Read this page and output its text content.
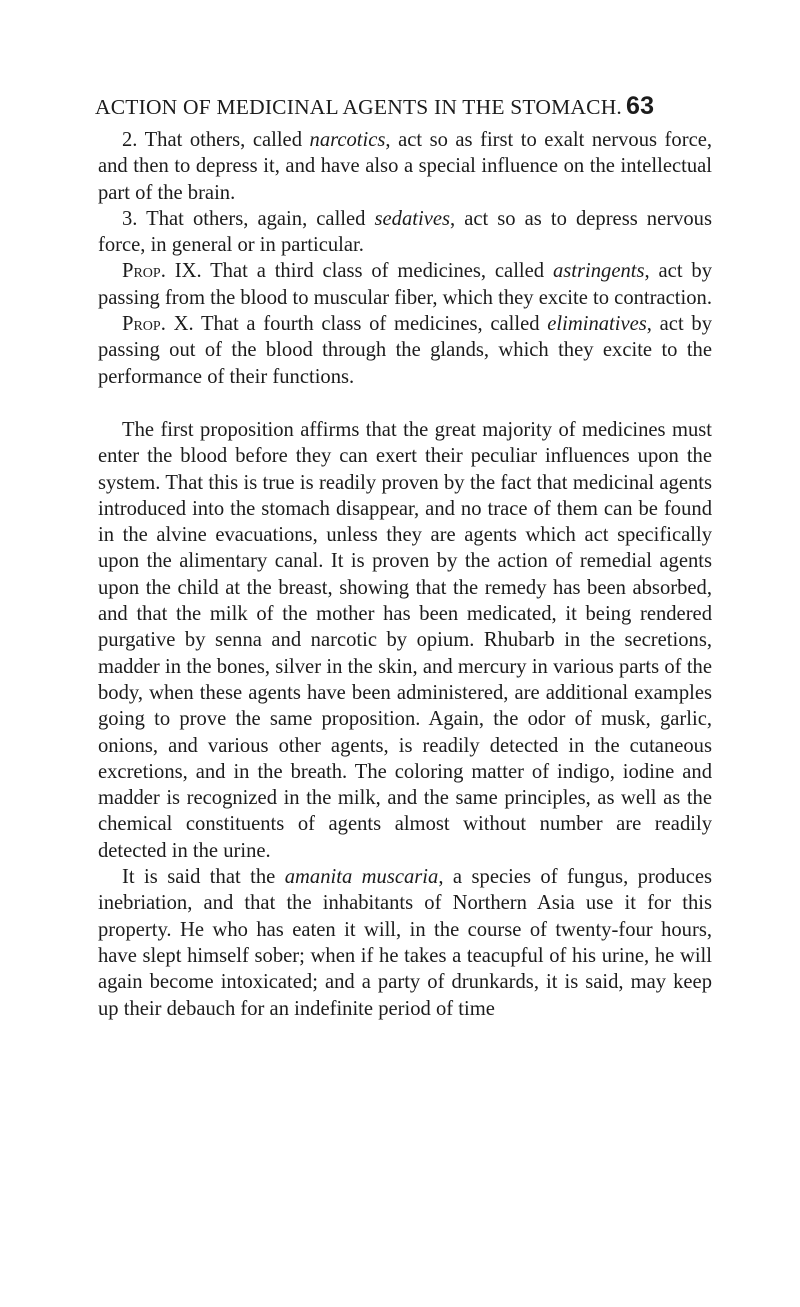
ACTION OF MEDICINAL AGENTS IN THE STOMACH. 63

2. That others, called narcotics, act so as first to exalt nervous force, and then to depress it, and have also a special influence on the intellectual part of the brain.

3. That others, again, called sedatives, act so as to depress nervous force, in general or in particular.

Prop. IX. That a third class of medicines, called astringents, act by passing from the blood to muscular fiber, which they excite to contraction.

Prop. X. That a fourth class of medicines, called eliminatives, act by passing out of the blood through the glands, which they excite to the performance of their functions.

The first proposition affirms that the great majority of medicines must enter the blood before they can exert their peculiar influences upon the system. That this is true is readily proven by the fact that medicinal agents introduced into the stomach disappear, and no trace of them can be found in the alvine evacuations, unless they are agents which act specifically upon the alimentary canal. It is proven by the action of remedial agents upon the child at the breast, showing that the remedy has been absorbed, and that the milk of the mother has been medicated, it being rendered purgative by senna and narcotic by opium. Rhubarb in the secretions, madder in the bones, silver in the skin, and mercury in various parts of the body, when these agents have been administered, are additional examples going to prove the same proposition. Again, the odor of musk, garlic, onions, and various other agents, is readily detected in the cutaneous excretions, and in the breath. The coloring matter of indigo, iodine and madder is recognized in the milk, and the same principles, as well as the chemical constituents of agents almost without number are readily detected in the urine.

It is said that the amanita muscaria, a species of fungus, produces inebriation, and that the inhabitants of Northern Asia use it for this property. He who has eaten it will, in the course of twenty-four hours, have slept himself sober; when if he takes a teacupful of his urine, he will again become intoxicated; and a party of drunkards, it is said, may keep up their debauch for an indefinite period of time
